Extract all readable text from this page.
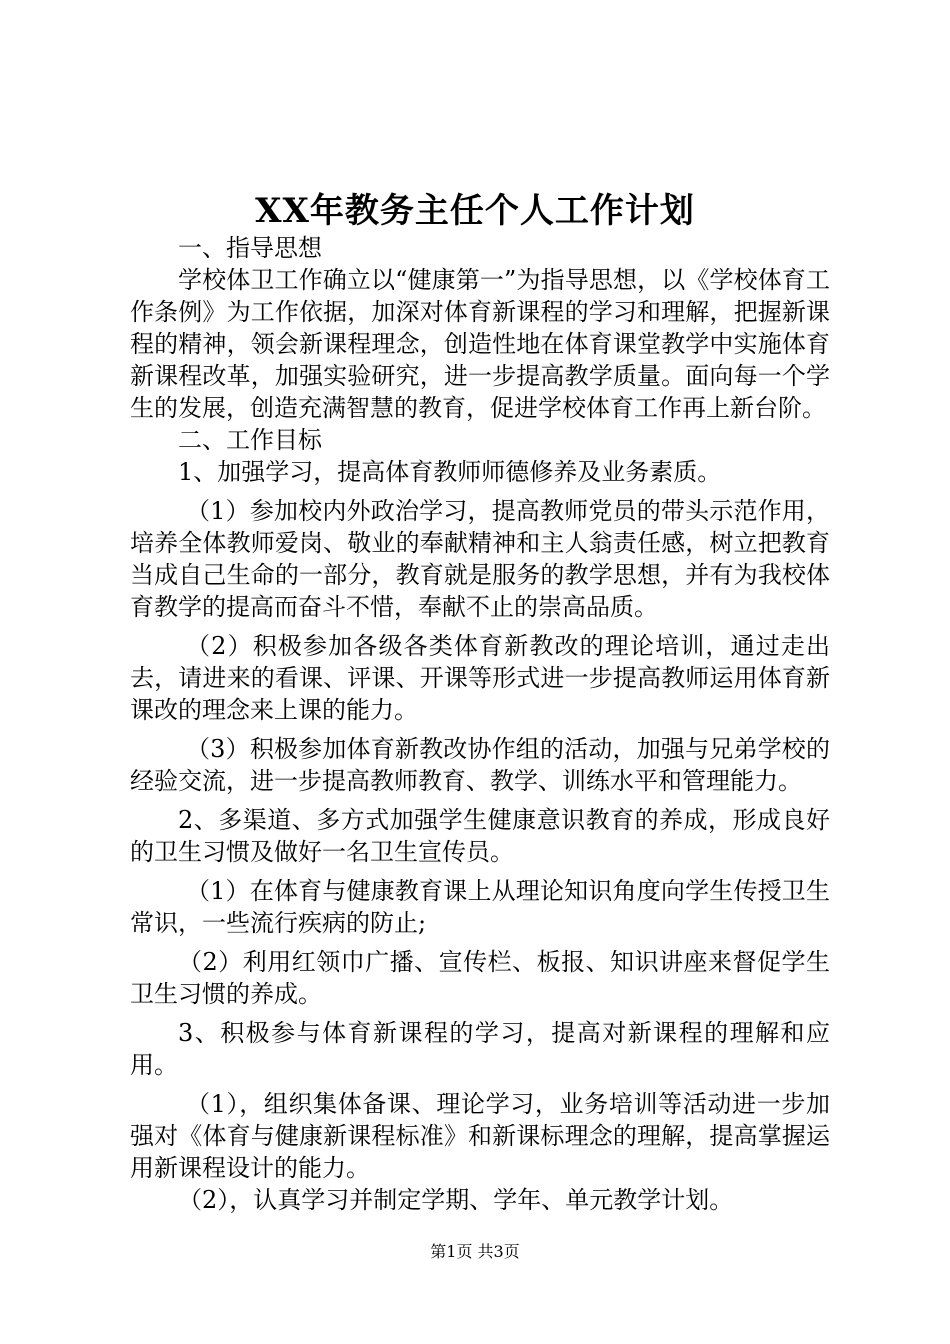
XX年教务主任个人工作计划

一、指导思想

学校体卫工作确立以“健康第一”为指导思想，以《学校体育工作条例》为工作依据，加深对体育新课程的学习和理解，把握新课程的精神，领会新课程理念，创造性地在体育课堂教学中实施体育新课程改革，加强实验研究，进一步提高教学质量。面向每一个学生的发展，创造充满智慧的教育，促进学校体育工作再上新台阶。

二、工作目标

1、加强学习，提高体育教师师德修养及业务素质。

（1）参加校内外政治学习，提高教师党员的带头示范作用，培养全体教师爱岗、敬业的奉献精神和主人翁责任感，树立把教育当成自己生命的一部分，教育就是服务的教学思想，并有为我校体育教学的提高而奋斗不惜，奉献不止的崇高品质。

（2）积极参加各级各类体育新教改的理论培训，通过走出去，请进来的看课、评课、开课等形式进一步提高教师运用体育新课改的理念来上课的能力。

（3）积极参加体育新教改协作组的活动，加强与兄弟学校的经验交流，进一步提高教师教育、教学、训练水平和管理能力。

2、多渠道、多方式加强学生健康意识教育的养成，形成良好的卫生习惯及做好一名卫生宣传员。

（1）在体育与健康教育课上从理论知识角度向学生传授卫生常识，一些流行疾病的防止;

（2）利用红领巾广播、宣传栏、板报、知识讲座来督促学生卫生习惯的养成。

3、积极参与体育新课程的学习，提高对新课程的理解和应用。

（1），组织集体备课、理论学习，业务培训等活动进一步加强对《体育与健康新课程标准》和新课标理念的理解，提高掌握运用新课程设计的能力。

（2），认真学习并制定学期、学年、单元教学计划。

第1页 共3页
